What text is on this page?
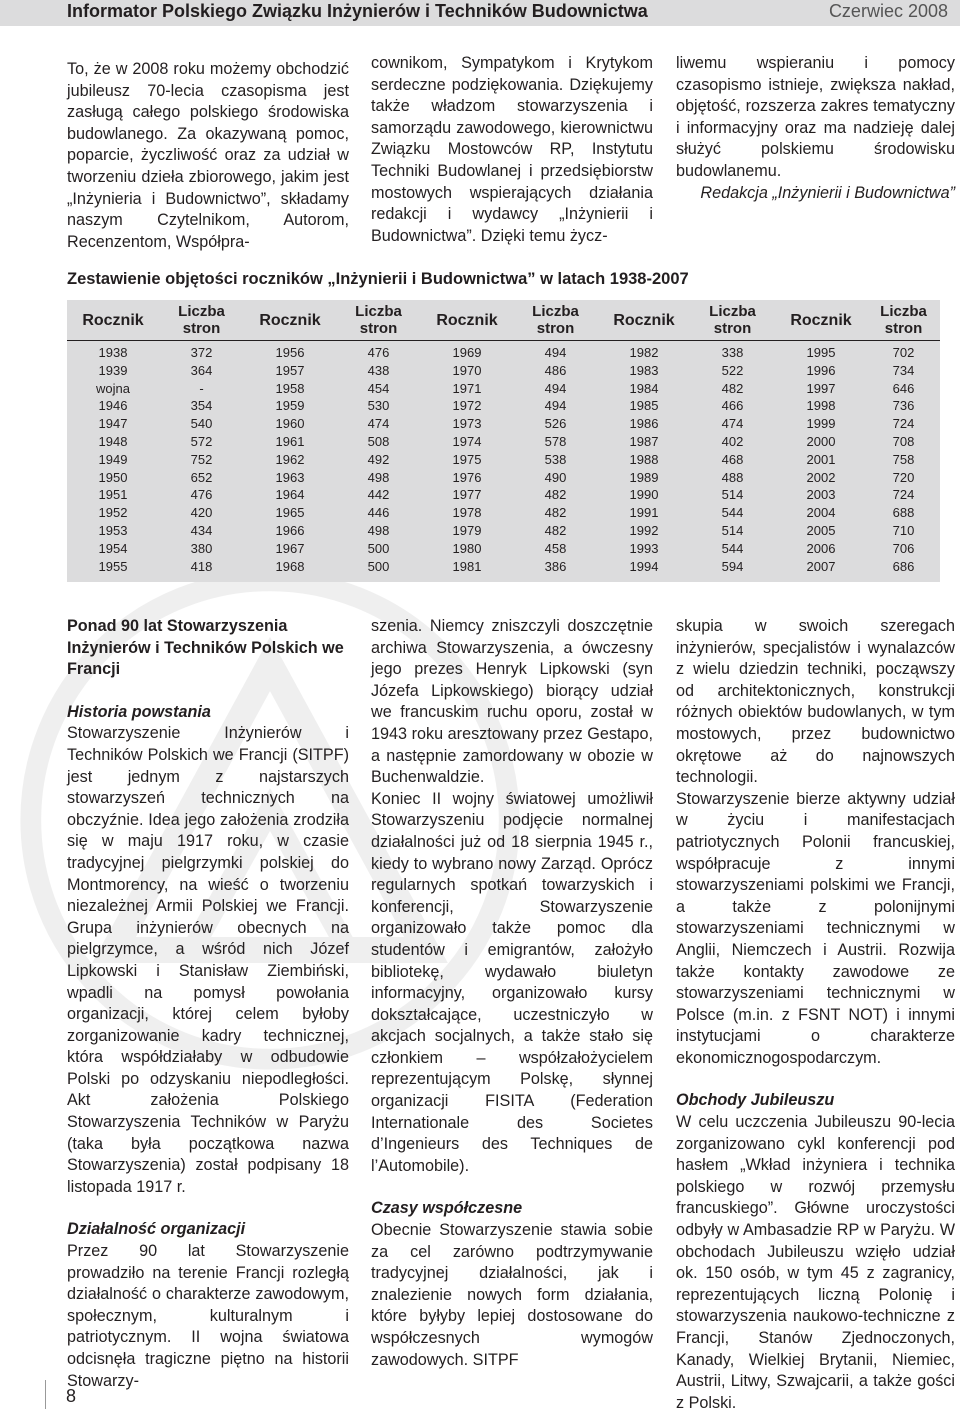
Informator Polskiego Związku Inżynierów i Techników Budownictwa	Czerwiec 2008

To, że w 2008 roku możemy obchodzić jubileusz 70-lecia czasopisma jest zasługą całego polskiego środowiska budowlanego. Za okazywaną pomoc, poparcie, życzliwość oraz za udział w tworzeniu dzieła zbiorowego, jakim jest „Inżynieria i Budownictwo”, składamy naszym Czytelnikom, Autorom, Recenzentom, Współpra-

cownikom, Sympatykom i Krytykom serdeczne podziękowania. Dziękujemy także władzom stowarzyszenia i samorządu zawodowego, kierownictwu Związku Mostowców RP, Instytutu Techniki Budowlanej i przedsiębiorstw mostowych wspierających działania redakcji i wydawcy „Inżynierii i Budownictwa”. Dzięki temu życz-

liwemu wspieraniu i pomocy czasopismo istnieje, zwiększa nakład, objętość, rozszerza zakres tematyczny i informacyjny oraz ma nadzieję dalej służyć polskiemu środowisku budowlanemu.

Redakcja „Inżynierii i Budownictwa”

Zestawienie objętości roczników „Inżynierii i Budownictwa” w latach 1938-2007
Rocznik	Liczba stron	Rocznik	Liczba stron	Rocznik	Liczba stron	Rocznik	Liczba stron	Rocznik	Liczba stron
1938	372	1956	476	1969	494	1982	338	1995	702
1939	364	1957	438	1970	486	1983	522	1996	734
wojna	-	1958	454	1971	494	1984	482	1997	646
1946	354	1959	530	1972	494	1985	466	1998	736
1947	540	1960	474	1973	526	1986	474	1999	724
1948	572	1961	508	1974	578	1987	402	2000	708
1949	752	1962	492	1975	538	1988	468	2001	758
1950	652	1963	498	1976	490	1989	488	2002	720
1951	476	1964	442	1977	482	1990	514	2003	724
1952	420	1965	446	1978	482	1991	544	2004	688
1953	434	1966	498	1979	482	1992	514	2005	710
1954	380	1967	500	1980	458	1993	544	2006	706
1955	418	1968	500	1981	386	1994	594	2007	686
Ponad 90 lat Stowarzyszenia Inżynierów i Techników Polskich we Francji
Historia powstania

Stowarzyszenie Inżynierów i Techników Polskich we Francji (SITPF) jest jednym z najstarszych stowarzyszeń technicznych na obczyźnie. Idea jego założenia zrodziła się w maju 1917 roku, w czasie tradycyjnej pielgrzymki polskiej do Montmorency, na wieść o tworzeniu niezależnej Armii Polskiej we Francji. Grupa inżynierów obecnych na pielgrzymce, a wśród nich Józef Lipkowski i Stanisław Ziembiński, wpadli na pomysł powołania organizacji, której celem byłoby zorganizowanie kadry technicznej, która współdziałaby w odbudowie Polski po odzyskaniu niepodległości. Akt założenia Polskiego Stowarzyszenia Techników w Paryżu (taka była początkowa nazwa Stowarzyszenia) został podpisany 18 listopada 1917 r.

Działalność organizacji

Przez 90 lat Stowarzyszenie prowadziło na terenie Francji rozległą działalność o charakterze zawodowym, społecznym, kulturalnym i patriotycznym. II wojna światowa odcisnęła tragiczne piętno na historii Stowarzy-

szenia. Niemcy zniszczyli doszczętnie archiwa Stowarzyszenia, a ówczesny jego prezes Henryk Lipkowski (syn Józefa Lipkowskiego) biorący udział we francuskim ruchu oporu, został w 1943 roku aresztowany przez Gestapo, a następnie zamordowany w obozie w Buchenwaldzie.

Koniec II wojny światowej umożliwił Stowarzyszeniu podjęcie normalnej działalności już od 18 sierpnia 1945 r., kiedy to wybrano nowy Zarząd. Oprócz regularnych spotkań towarzyskich i konferencji, Stowarzyszenie organizowało także pomoc dla studentów i emigrantów, założyło bibliotekę, wydawało biuletyn informacyjny, organizowało kursy dokształcające, uczestniczyło w akcjach socjalnych, a także stało się członkiem – współzałożycielem reprezentującym Polskę, słynnej organizacji FISITA (Federation Internationale des Societes d’Ingenieurs des Techniques de l’Automobile).

Czasy współczesne

Obecnie Stowarzyszenie stawia sobie za cel zarówno podtrzymywanie tradycyjnej działalności, jak i znalezienie nowych form działania, które byłyby lepiej dostosowane do współczesnych wymogów zawodowych. SITPF

skupia w swoich szeregach inżynierów, specjalistów i wynalazców z wielu dziedzin techniki, począwszy od architektonicznych, konstrukcji różnych obiektów budowlanych, w tym mostowych, przez budownictwo okrętowe aż do najnowszych technologii.

Stowarzyszenie bierze aktywny udział w życiu i manifestacjach patriotycznych Polonii francuskiej, współpracuje z innymi stowarzyszeniami polskimi we Francji, a także z polonijnymi stowarzyszeniami technicznymi w Anglii, Niemczech i Austrii. Rozwija także kontakty zawodowe ze stowarzyszeniami technicznymi w Polsce (m.in. z FSNT NOT) i innymi instytucjami o charakterze ekonomicznogospodarczym.

Obchody Jubileuszu

W celu uczczenia Jubileuszu 90-lecia zorganizowano cykl konferencji pod hasłem „Wkład inżyniera i technika polskiego w rozwój przemysłu francuskiego”. Główne uroczystości odbyły w Ambasadzie RP w Paryżu. W obchodach Jubileuszu wzięło udział ok. 150 osób, w tym 45 z zagranicy, reprezentujących liczną Polonię i stowarzyszenia naukowo-techniczne z Francji, Stanów Zjednoczonych, Kanady, Wielkiej Brytanii, Niemiec, Austrii, Litwy, Szwajcarii, a także gości z Polski.

8
